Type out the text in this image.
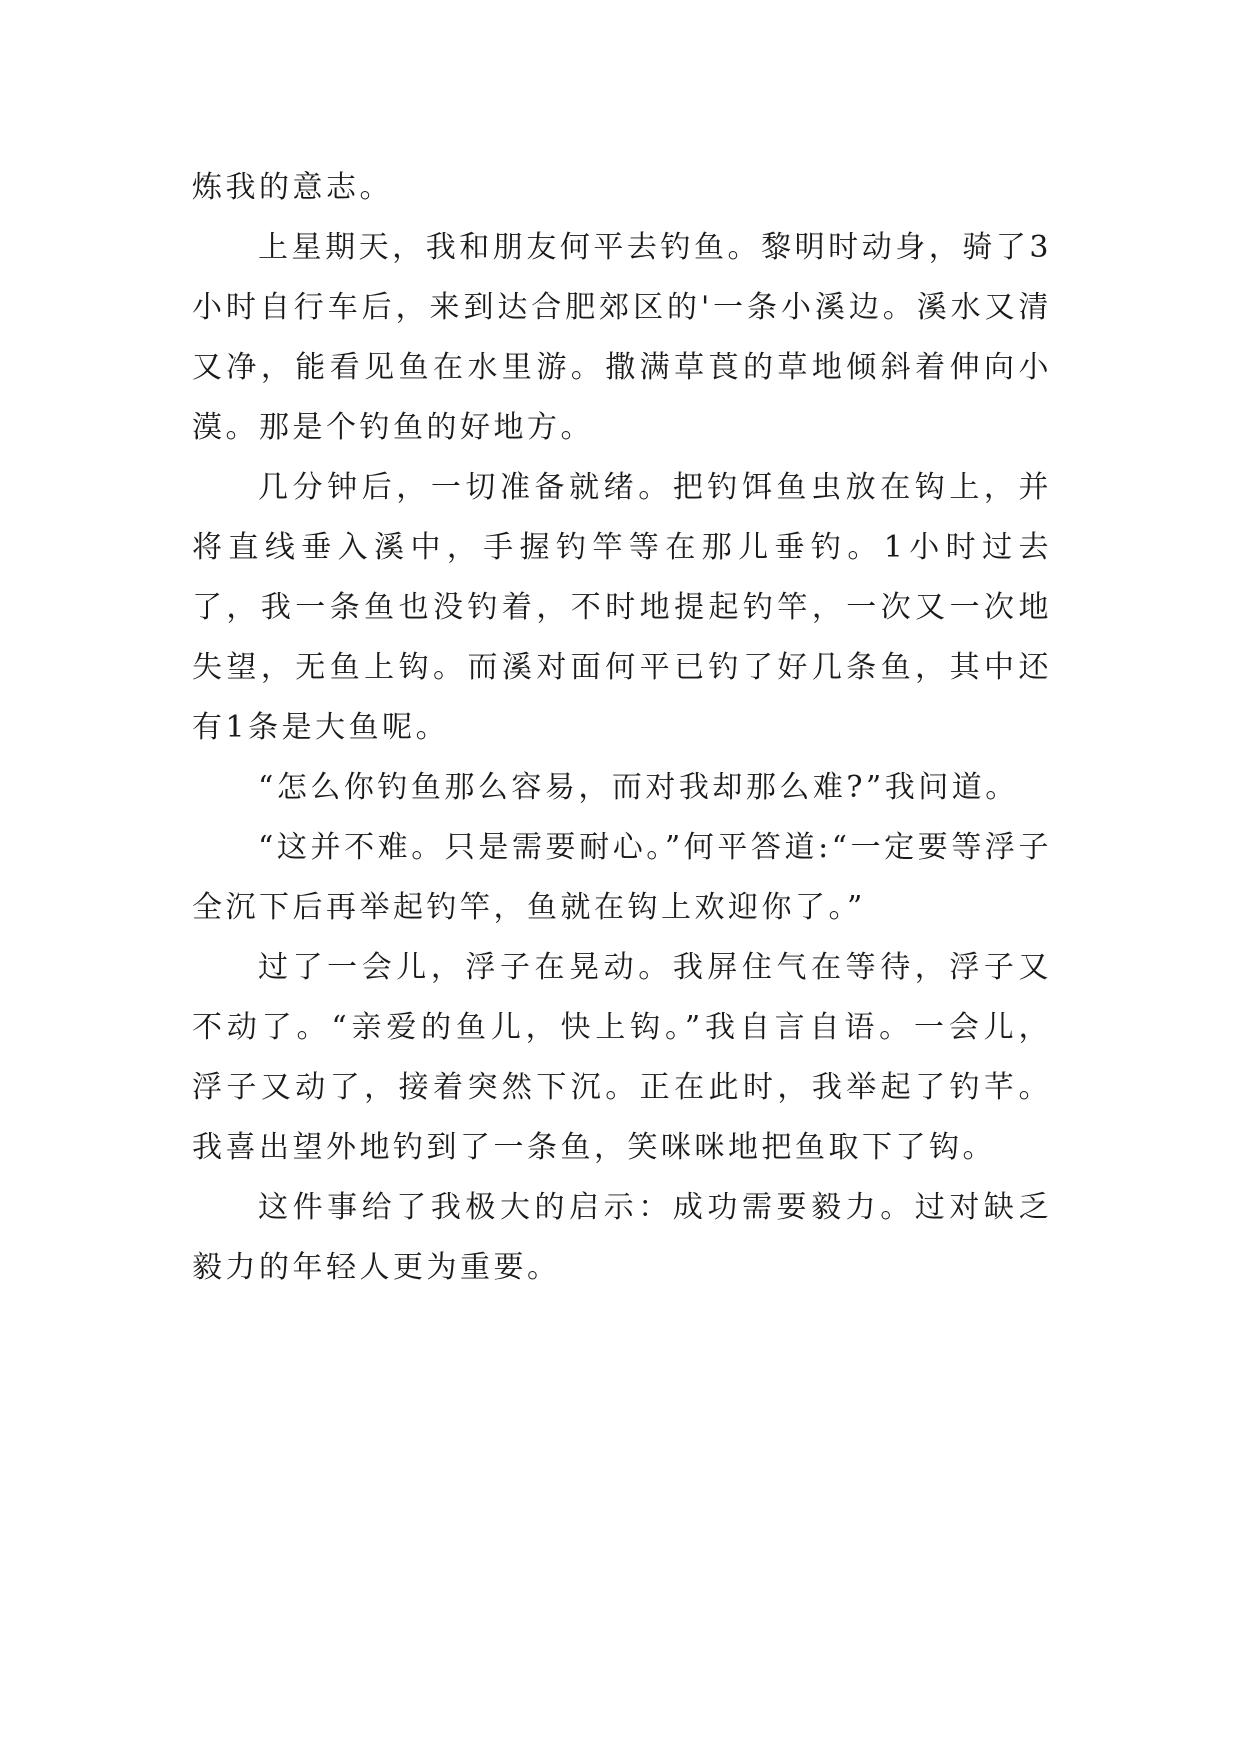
炼我的意志。

上星期天，我和朋友何平去钓鱼。黎明时动身，骑了3小时自行车后，来到达合肥郊区的'一条小溪边。溪水又清又净，能看见鱼在水里游。撒满草莨的草地倾斜着伸向小漠。那是个钓鱼的好地方。

几分钟后，一切准备就绪。把钓饵鱼虫放在钩上，并将直线垂入溪中，手握钓竿等在那儿垂钓。1小时过去了，我一条鱼也没钓着，不时地提起钓竿，一次又一次地失望，无鱼上钩。而溪对面何平已钓了好几条鱼，其中还有1条是大鱼呢。

“怎么你钓鱼那么容易，而对我却那么难?”我问道。

“这并不难。只是需要耐心。”何平答道:“一定要等浮子全沉下后再举起钓竿，鱼就在钩上欢迎你了。”

过了一会儿，浮子在晃动。我屏住气在等待，浮子又不动了。“亲爱的鱼儿，快上钩。”我自言自语。一会儿，浮子又动了，接着突然下沉。正在此时，我举起了钓芊。我喜出望外地钓到了一条鱼，笑咪咪地把鱼取下了钩。

这件事给了我极大的启示：成功需要毅力。过对缺乏毅力的年轻人更为重要。
